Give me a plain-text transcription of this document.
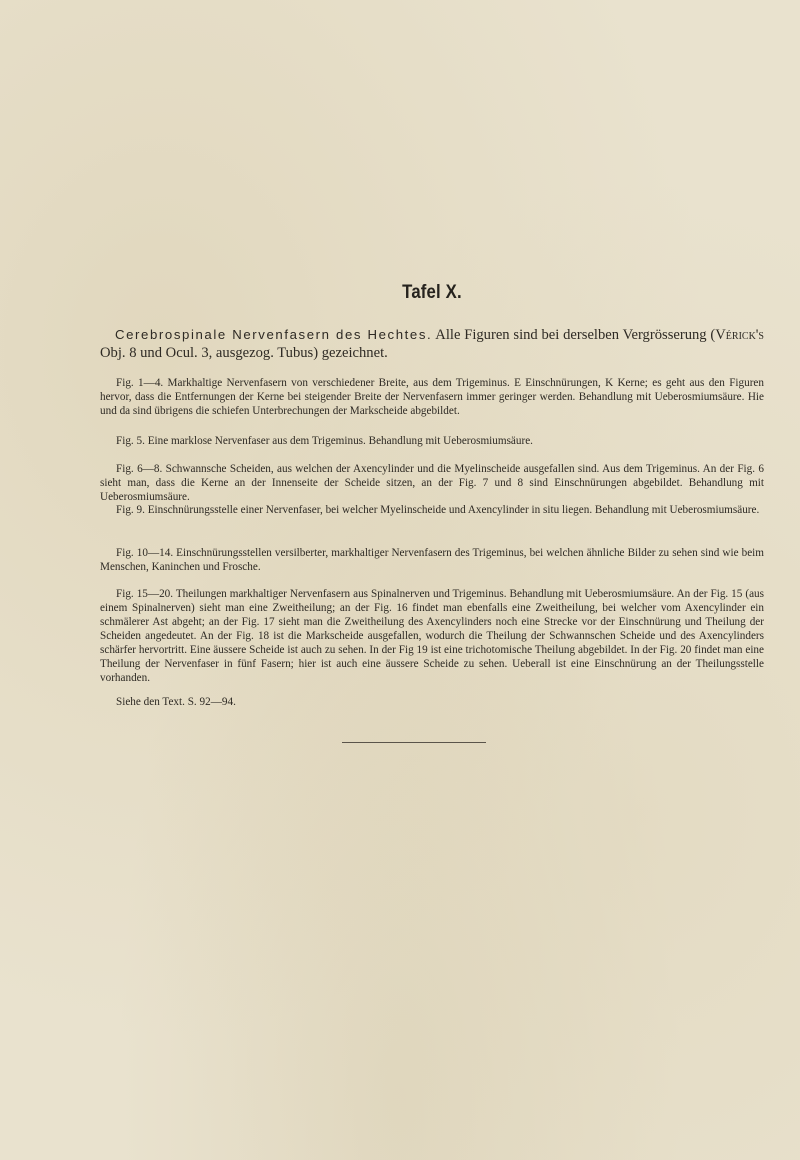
Tafel X.

Cerebrospinale Nervenfasern des Hechtes. Alle Figuren sind bei derselben Vergrösserung (Vérick's Obj. 8 und Ocul. 3, ausgezog. Tubus) gezeichnet.

Fig. 1—4. Markhaltige Nervenfasern von verschiedener Breite, aus dem Trigeminus. E Einschnürungen, K Kerne; es geht aus den Figuren hervor, dass die Entfernungen der Kerne bei steigender Breite der Nervenfasern immer geringer werden. Behandlung mit Ueberosmiumsäure. Hie und da sind übrigens die schiefen Unterbrechungen der Markscheide abgebildet.

Fig. 5. Eine marklose Nervenfaser aus dem Trigeminus. Behandlung mit Ueberosmiumsäure.

Fig. 6—8. Schwannsche Scheiden, aus welchen der Axencylinder und die Myelinscheide ausgefallen sind. Aus dem Trigeminus. An der Fig. 6 sieht man, dass die Kerne an der Innenseite der Scheide sitzen, an der Fig. 7 und 8 sind Einschnürungen abgebildet. Behandlung mit Ueberosmiumsäure.

Fig. 9. Einschnürungsstelle einer Nervenfaser, bei welcher Myelinscheide und Axencylinder in situ liegen. Behandlung mit Ueberosmiumsäure.

Fig. 10—14. Einschnürungsstellen versilberter, markhaltiger Nervenfasern des Trigeminus, bei welchen ähnliche Bilder zu sehen sind wie beim Menschen, Kaninchen und Frosche.

Fig. 15—20. Theilungen markhaltiger Nervenfasern aus Spinalnerven und Trigeminus. Behandlung mit Ueberosmiumsäure. An der Fig. 15 (aus einem Spinalnerven) sieht man eine Zweitheilung; an der Fig. 16 findet man ebenfalls eine Zweitheilung, bei welcher vom Axencylinder ein schmälerer Ast abgeht; an der Fig. 17 sieht man die Zweitheilung des Axencylinders noch eine Strecke vor der Einschnürung und Theilung der Scheiden angedeutet. An der Fig. 18 ist die Markscheide ausgefallen, wodurch die Theilung der Schwannschen Scheide und des Axencylinders schärfer hervortritt. Eine äussere Scheide ist auch zu sehen. In der Fig 19 ist eine trichotomische Theilung abgebildet. In der Fig. 20 findet man eine Theilung der Nervenfaser in fünf Fasern; hier ist auch eine äussere Scheide zu sehen. Ueberall ist eine Einschnürung an der Theilungsstelle vorhanden.

Siehe den Text. S. 92—94.
